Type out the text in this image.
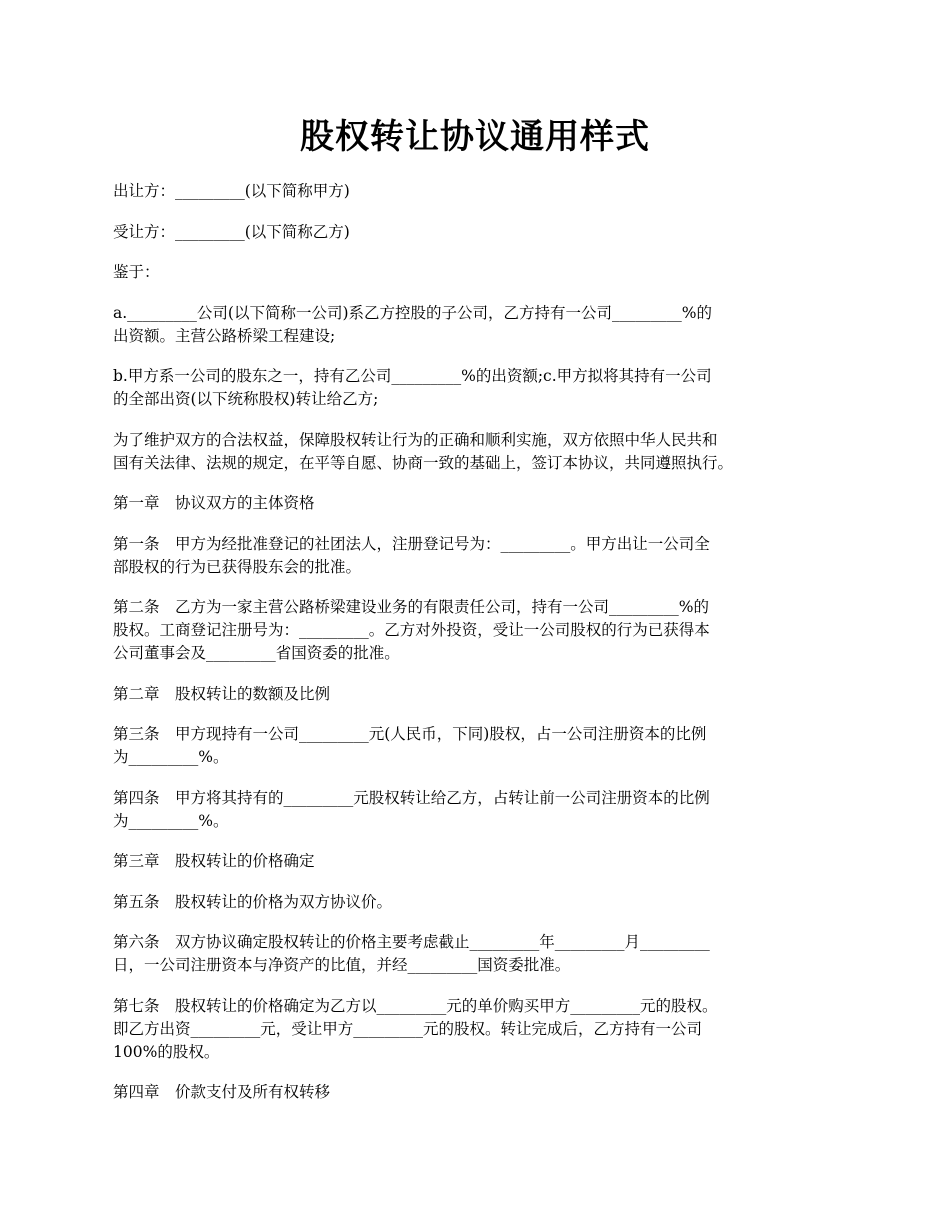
股权转让协议通用样式

出让方：_________(以下简称甲方)

受让方：_________(以下简称乙方)

鉴于：

a._________公司(以下简称一公司)系乙方控股的子公司，乙方持有一公司_________%的
出资额。主营公路桥梁工程建设;

b.甲方系一公司的股东之一，持有乙公司_________%的出资额;c.甲方拟将其持有一公司
的全部出资(以下统称股权)转让给乙方;

为了维护双方的合法权益，保障股权转让行为的正确和顺利实施，双方依照中华人民共和
国有关法律、法规的规定，在平等自愿、协商一致的基础上，签订本协议，共同遵照执行。

第一章　协议双方的主体资格

第一条　甲方为经批准登记的社团法人，注册登记号为：_________。甲方出让一公司全
部股权的行为已获得股东会的批准。

第二条　乙方为一家主营公路桥梁建设业务的有限责任公司，持有一公司_________%的
股权。工商登记注册号为：_________。乙方对外投资，受让一公司股权的行为已获得本
公司董事会及_________省国资委的批准。

第二章　股权转让的数额及比例

第三条　甲方现持有一公司_________元(人民币，下同)股权，占一公司注册资本的比例
为_________%。

第四条　甲方将其持有的_________元股权转让给乙方，占转让前一公司注册资本的比例
为_________%。

第三章　股权转让的价格确定

第五条　股权转让的价格为双方协议价。

第六条　双方协议确定股权转让的价格主要考虑截止_________年_________月_________
日，一公司注册资本与净资产的比值，并经_________国资委批准。

第七条　股权转让的价格确定为乙方以_________元的单价购买甲方_________元的股权。
即乙方出资_________元，受让甲方_________元的股权。转让完成后，乙方持有一公司
100%的股权。

第四章　价款支付及所有权转移
